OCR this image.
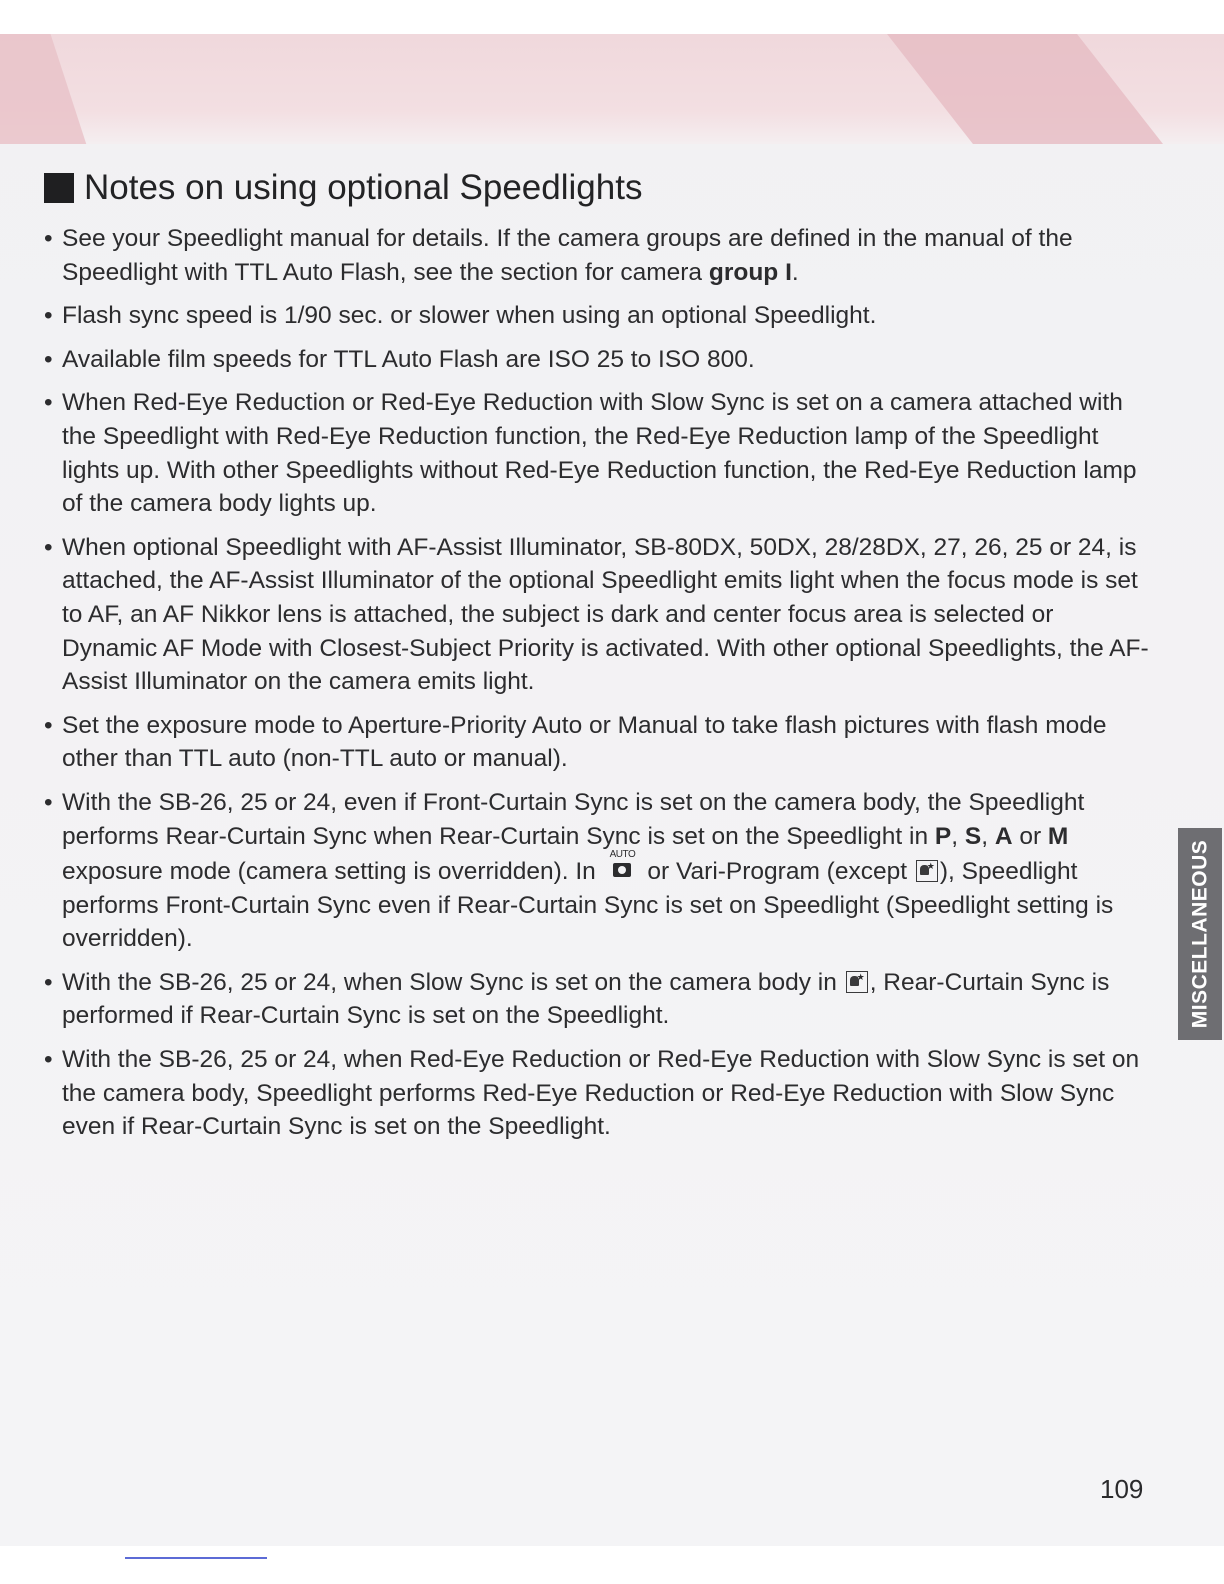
Notes on using optional Speedlights
• See your Speedlight manual for details. If the camera groups are defined in the manual of the Speedlight with TTL Auto Flash, see the section for camera group I.
• Flash sync speed is 1/90 sec. or slower when using an optional Speedlight.
• Available film speeds for TTL Auto Flash are ISO 25 to ISO 800.
• When Red-Eye Reduction or Red-Eye Reduction with Slow Sync is set on a camera attached with the Speedlight with Red-Eye Reduction function, the Red-Eye Reduction lamp of the Speedlight lights up. With other Speedlights without Red-Eye Reduction function, the Red-Eye Reduction lamp of the camera body lights up.
• When optional Speedlight with AF-Assist Illuminator, SB-80DX, 50DX, 28/28DX, 27, 26, 25 or 24, is attached, the AF-Assist Illuminator of the optional Speedlight emits light when the focus mode is set to AF, an AF Nikkor lens is attached, the subject is dark and center focus area is selected or Dynamic AF Mode with Closest-Subject Priority is activated. With other optional Speedlights, the AF-Assist Illuminator on the camera emits light.
• Set the exposure mode to Aperture-Priority Auto or Manual to take flash pictures with flash mode other than TTL auto (non-TTL auto or manual).
• With the SB-26, 25 or 24, even if Front-Curtain Sync is set on the camera body, the Speedlight performs Rear-Curtain Sync when Rear-Curtain Sync is set on the Speedlight in P, S, A or M exposure mode (camera setting is overridden). In
AUTO
or Vari-Program (except ★ ), Speedlight performs Front-Curtain Sync even if Rear-Curtain Sync is set on Speedlight (Speedlight setting is overridden).
• With the SB-26, 25 or 24, when Slow Sync is set on the camera body in ★ , Rear-Curtain Sync is performed if Rear-Curtain Sync is set on the Speedlight.
• With the SB-26, 25 or 24, when Red-Eye Reduction or Red-Eye Reduction with Slow Sync is set on the camera body, Speedlight performs Red-Eye Reduction or Red-Eye Reduction with Slow Sync even if Rear-Curtain Sync is set on the Speedlight.
MISCELLANEOUS
109
